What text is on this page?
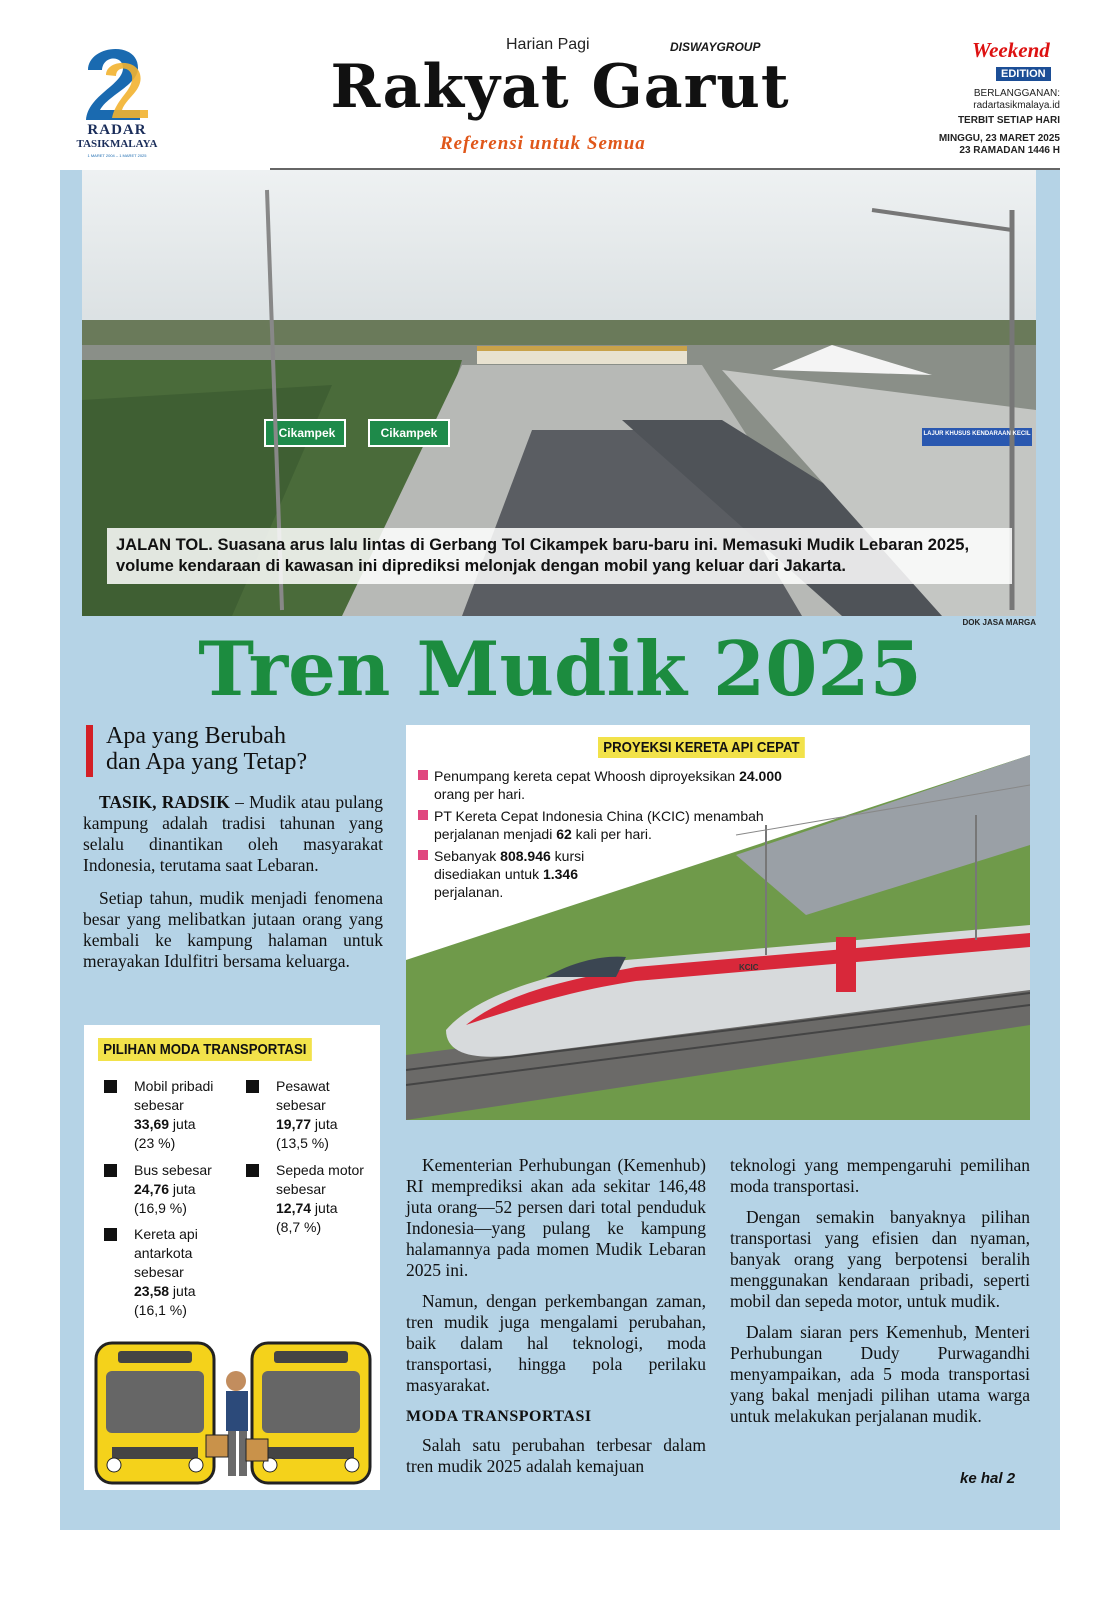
RADAR
TASIKMALAYA
1 MARET 2004 – 1 MARET 2025
Harian Pagi	DISWAYGROUP
Rakyat Garut
Referensi untuk Semua
Weekend
EDITION
BERLANGGANAN:
radartasikmalaya.id
TERBIT SETIAP HARI
MINGGU, 23 MARET 2025
23 RAMADAN 1446 H
Cikampek	Cikampek	LAJUR KHUSUS KENDARAAN KECIL
JALAN TOL. Suasana arus lalu lintas di Gerbang Tol Cikampek baru-baru ini. Memasuki Mudik Lebaran 2025, volume kendaraan di kawasan ini diprediksi melonjak dengan mobil yang keluar dari Jakarta.
DOK JASA MARGA
Tren Mudik 2025
Apa yang Berubah
dan Apa yang Tetap?

TASIK, RADSIK – Mudik atau pulang kampung adalah tradisi tahunan yang selalu dinantikan oleh masyarakat Indonesia, terutama saat Lebaran.

Setiap tahun, mudik menjadi fenomena besar yang melibatkan jutaan orang yang kembali ke kampung halaman untuk merayakan Idulfitri bersama keluarga.	KCIC
PROYEKSI KERETA API CEPAT
Penumpang kereta cepat Whoosh diproyeksikan 24.000 orang per hari.
PT Kereta Cepat Indonesia China (KCIC) menambah perjalanan menjadi 62 kali per hari.
Sebanyak 808.946 kursi disediakan untuk 1.346 perjalanan.
PILIHAN MODA TRANSPORTASI
Mobil pribadi sebesar
33,69 juta
(23 %)
Bus sebesar
24,76 juta
(16,9 %)
Kereta api antarkota sebesar
23,58 juta
(16,1 %)
Pesawat sebesar
19,77 juta
(13,5 %)
Sepeda motor sebesar
12,74 juta
(8,7 %)

Kementerian Perhubungan (Kemenhub) RI memprediksi akan ada sekitar 146,48 juta orang—52 persen dari total penduduk Indonesia—yang pulang ke kampung halamannya pada momen Mudik Lebaran 2025 ini.

Namun, dengan perkembangan zaman, tren mudik juga mengalami perubahan, baik dalam hal teknologi, moda transportasi, hingga pola perilaku masyarakat.

MODA TRANSPORTASI

Salah satu perubahan terbesar dalam tren mudik 2025 adalah kemajuan

teknologi yang mempengaruhi pemilihan moda transportasi.

Dengan semakin banyaknya pilihan transportasi yang efisien dan nyaman, banyak orang yang berpotensi beralih menggunakan kendaraan pribadi, seperti mobil dan sepeda motor, untuk mudik.

Dalam siaran pers Kemenhub, Menteri Perhubungan Dudy Purwagandhi menyampaikan, ada 5 moda transportasi yang bakal menjadi pilihan utama warga untuk melakukan perjalanan mudik.

ke hal 2
